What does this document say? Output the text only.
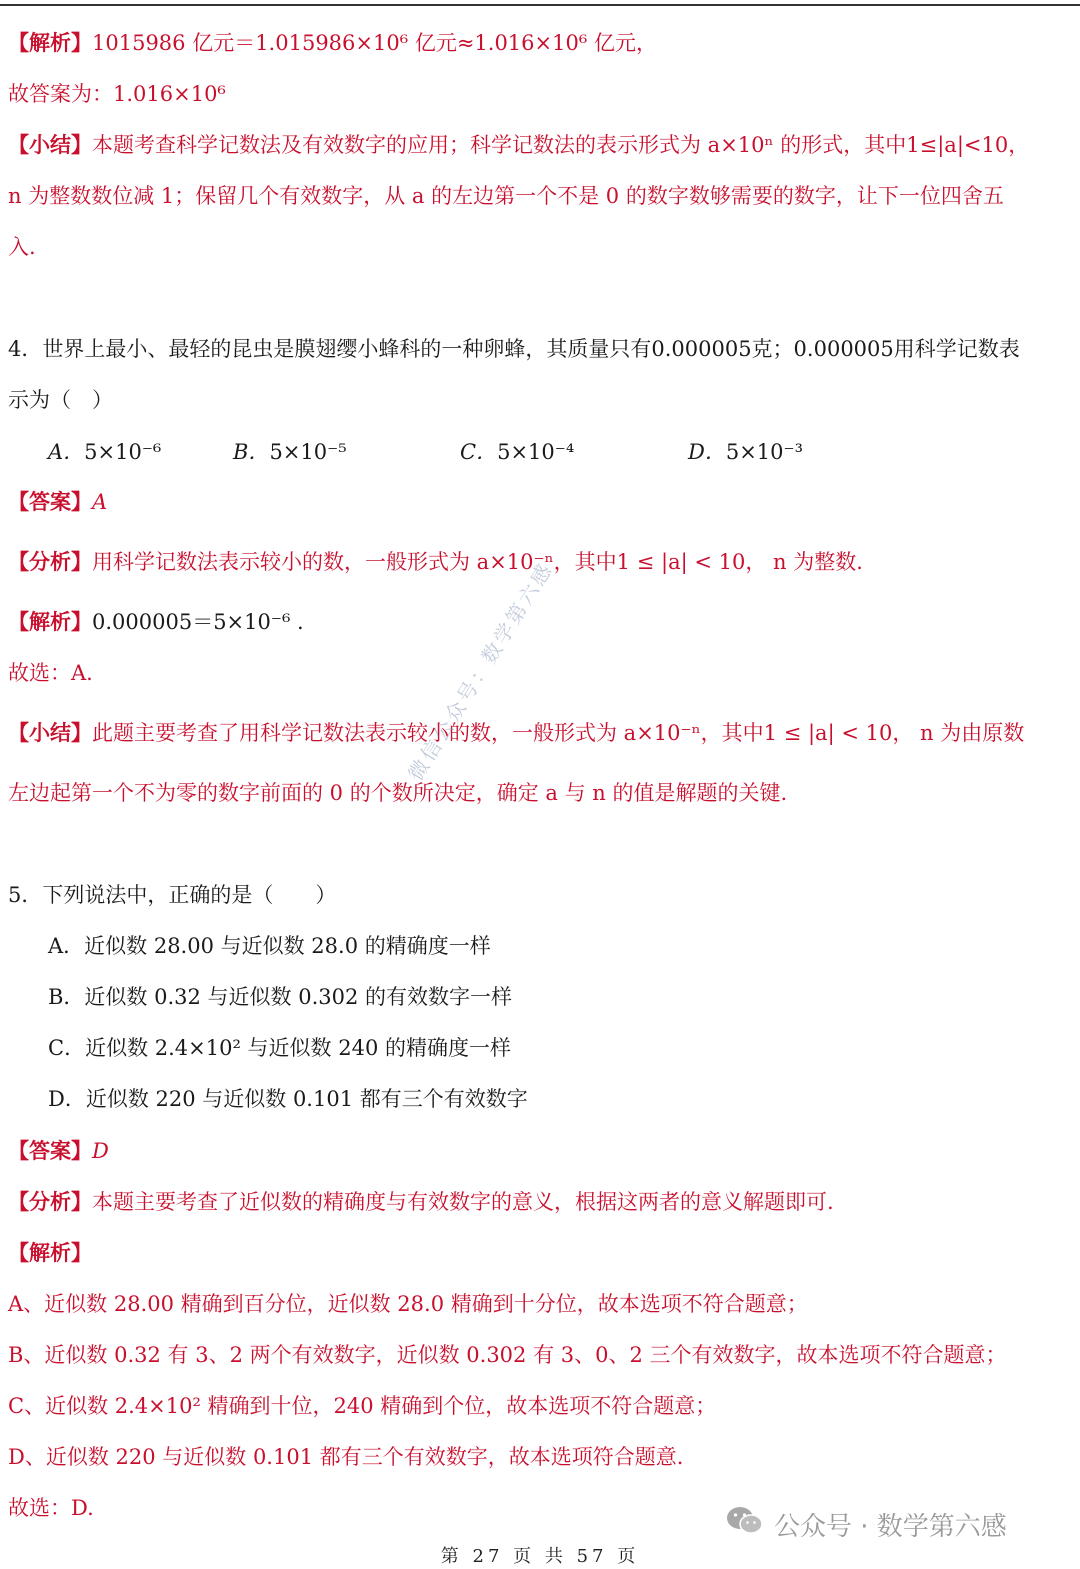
【解析】1015986 亿元＝1.015986×10⁶ 亿元≈1.016×10⁶ 亿元，
故答案为：1.016×10⁶
【小结】本题考查科学记数法及有效数字的应用；科学记数法的表示形式为 a×10ⁿ 的形式，其中1≤|a|<10，
n 为整数数位减 1；保留几个有效数字，从 a 的左边第一个不是 0 的数字数够需要的数字，让下一位四舍五
入.
4．世界上最小、最轻的昆虫是膜翅缨小蜂科的一种卵蜂，其质量只有0.000005克；0.000005用科学记数表
示为（　）
A．5×10⁻⁶	B．5×10⁻⁵	C．5×10⁻⁴	D．5×10⁻³
【答案】A
【分析】用科学记数法表示较小的数，一般形式为 a×10⁻ⁿ，其中1 ≤ |a| < 10， n 为整数.
【解析】0.000005＝5×10⁻⁶ .
故选：A.
【小结】此题主要考查了用科学记数法表示较小的数，一般形式为 a×10⁻ⁿ，其中1 ≤ |a| < 10， n 为由原数
左边起第一个不为零的数字前面的 0 的个数所决定，确定 a 与 n 的值是解题的关键.
5．下列说法中，正确的是（　　）
A．近似数 28.00 与近似数 28.0 的精确度一样
B．近似数 0.32 与近似数 0.302 的有效数字一样
C．近似数 2.4×10² 与近似数 240 的精确度一样
D．近似数 220 与近似数 0.101 都有三个有效数字
【答案】D
【分析】本题主要考查了近似数的精确度与有效数字的意义，根据这两者的意义解题即可.
【解析】
A、近似数 28.00 精确到百分位，近似数 28.0 精确到十分位，故本选项不符合题意；
B、近似数 0.32 有 3、2 两个有效数字，近似数 0.302 有 3、0、2 三个有效数字，故本选项不符合题意；
C、近似数 2.4×10² 精确到十位，240 精确到个位，故本选项不符合题意；
D、近似数 220 与近似数 0.101 都有三个有效数字，故本选项符合题意.
故选：D.
微信公众号：数学第六感
公众号 · 数学第六感
第 27 页 共 57 页
